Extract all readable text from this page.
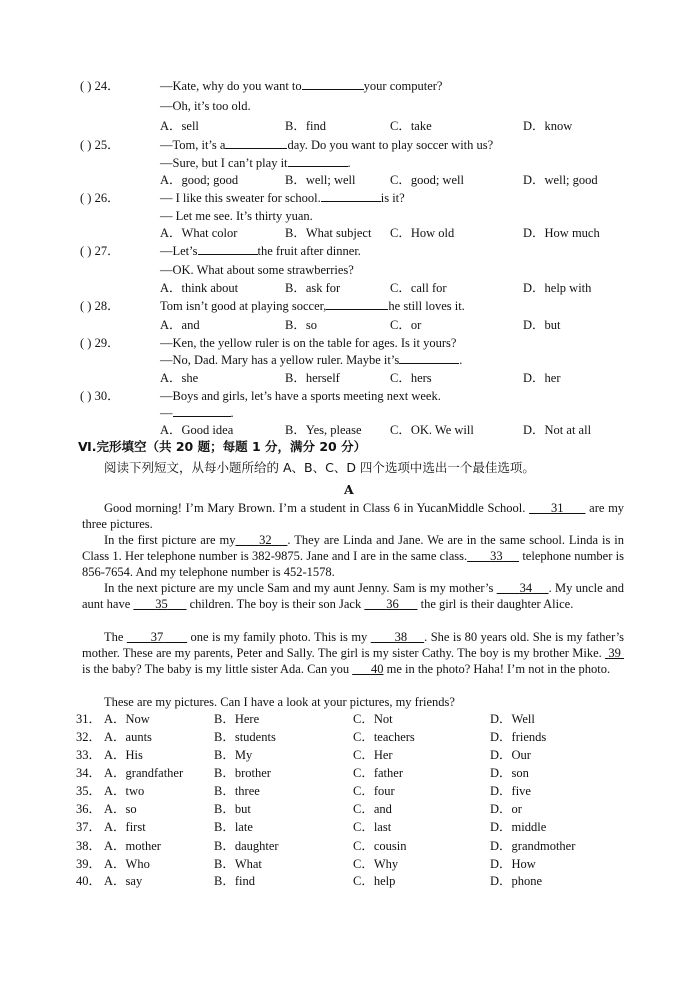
( ) 24．	—Kate, why do you want to	your computer?
—Oh, it’s too old.
A．sell	B．find	C．take	D．know
( ) 25．	—Tom, it’s a	day. Do you want to play soccer with us?
—Sure, but I can’t play it	.
A．good; good	B．well; well	C．good; well	D．well; good
( ) 26．	— I like this sweater for school.	is it?
— Let me see. It’s thirty yuan.
A．What color	B．What subject C．How old	D．How much
( ) 27．	—Let’s	the fruit after dinner.
—OK. What about some strawberries?
A．think about	B．ask for	C．call for	D．help with
( ) 28．	Tom isn’t good at playing soccer,	he still loves it.
A．and	B．so	C．or	D．but
( ) 29．	—Ken, the yellow ruler is on the table for ages. Is it yours?
—No, Dad. Mary has a yellow ruler. Maybe it’s	.
A．she	B．herself	C．hers	D．her
( ) 30．	—Boys and girls, let’s have a sports meeting next week.
—	.
A．Good idea	B．Yes, please C．OK. We will	D．Not at all
Ⅵ.完形填空（共 20 题；每题 1 分，满分 20 分）
阅读下列短文，从每小题所给的 A、B、C、D 四个选项中选出一个最佳选项。
A
Good morning! I’m Mary Brown. I’m a student in Class 6 in YucanMiddle School. 31 are my three pictures.
In the first picture are my 32 . They are Linda and Jane. We are in the same school. Linda is in Class 1. Her telephone number is 382-9875. Jane and I are in the same class. 33 telephone number is 856-7654. And my telephone number is 452-1578.
In the next picture are my uncle Sam and my aunt Jenny. Sam is my mother’s 34 . My uncle and aunt have 35 children. The boy is their son Jack 36 the girl is their daughter Alice.
The 37 one is my family photo. This is my 38 . She is 80 years old. She is my father’s mother. These are my parents, Peter and Sally. The girl is my sister Cathy. The boy is my brother Mike. 39  is the baby? The baby is my little sister Ada. Can you 40 me in the photo? Haha! I’m not in the photo.
These are my pictures. Can I have a look at your pictures, my friends?
31． A．Now	B．Here	C．Not	D．Well
32． A．aunts	B．students	C．teachers	D．friends
33． A．His	B．My	C．Her	D．Our
34． A．grandfather B．brother	C．father	D．son
35． A．two	B．three	C．four	D．five
36． A．so	B．but	C．and	D．or
37． A．first	B．late	C．last	D．middle
38． A．mother	B．daughter	C．cousin	D．grandmother
39． A．Who	B．What	C．Why	D．How
40． A．say	B．find	C．help	D．phone
